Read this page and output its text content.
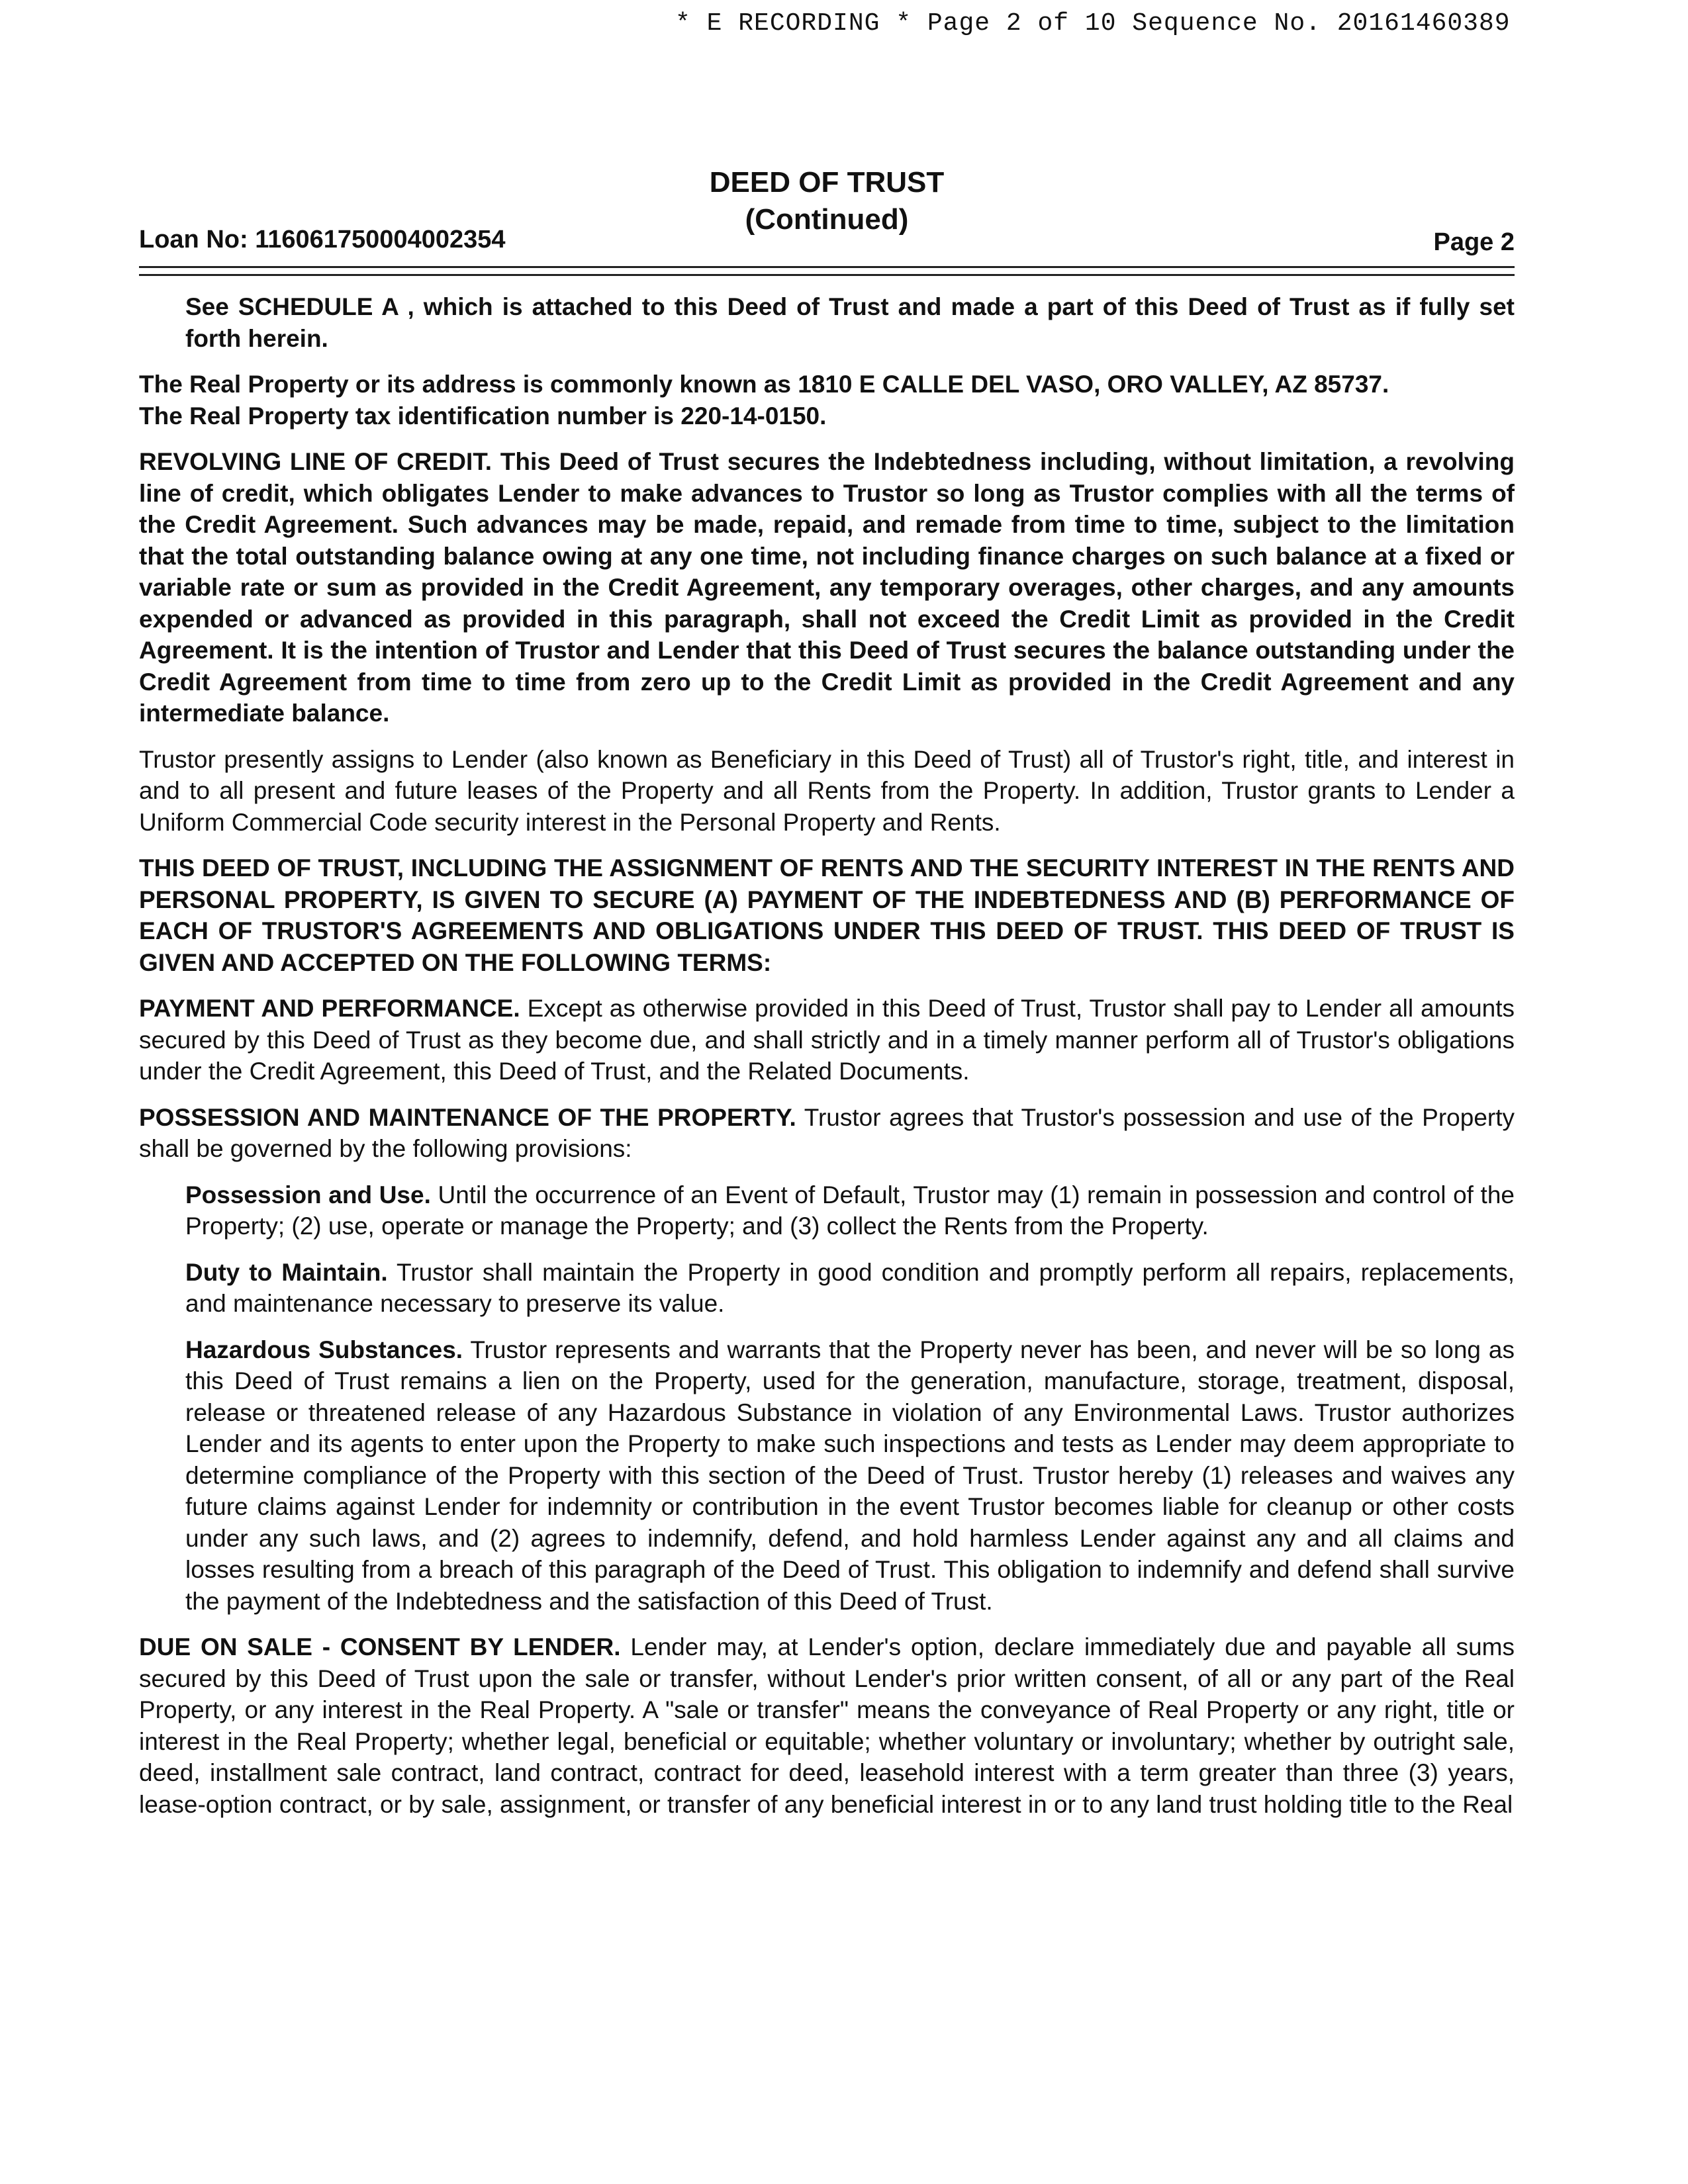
* E RECORDING * Page 2 of 10 Sequence No. 20161460389
Loan No: 116061750004002354
DEED OF TRUST
(Continued)
Page 2

See SCHEDULE A , which is attached to this Deed of Trust and made a part of this Deed of Trust as if fully set forth herein.

The Real Property or its address is commonly known as 1810 E CALLE DEL VASO, ORO VALLEY, AZ 85737.
The Real Property tax identification number is 220-14-0150.

REVOLVING LINE OF CREDIT. This Deed of Trust secures the Indebtedness including, without limitation, a revolving line of credit, which obligates Lender to make advances to Trustor so long as Trustor complies with all the terms of the Credit Agreement. Such advances may be made, repaid, and remade from time to time, subject to the limitation that the total outstanding balance owing at any one time, not including finance charges on such balance at a fixed or variable rate or sum as provided in the Credit Agreement, any temporary overages, other charges, and any amounts expended or advanced as provided in this paragraph, shall not exceed the Credit Limit as provided in the Credit Agreement. It is the intention of Trustor and Lender that this Deed of Trust secures the balance outstanding under the Credit Agreement from time to time from zero up to the Credit Limit as provided in the Credit Agreement and any intermediate balance.

Trustor presently assigns to Lender (also known as Beneficiary in this Deed of Trust) all of Trustor's right, title, and interest in and to all present and future leases of the Property and all Rents from the Property. In addition, Trustor grants to Lender a Uniform Commercial Code security interest in the Personal Property and Rents.

THIS DEED OF TRUST, INCLUDING THE ASSIGNMENT OF RENTS AND THE SECURITY INTEREST IN THE RENTS AND PERSONAL PROPERTY, IS GIVEN TO SECURE (A) PAYMENT OF THE INDEBTEDNESS AND (B) PERFORMANCE OF EACH OF TRUSTOR'S AGREEMENTS AND OBLIGATIONS UNDER THIS DEED OF TRUST. THIS DEED OF TRUST IS GIVEN AND ACCEPTED ON THE FOLLOWING TERMS:

PAYMENT AND PERFORMANCE. Except as otherwise provided in this Deed of Trust, Trustor shall pay to Lender all amounts secured by this Deed of Trust as they become due, and shall strictly and in a timely manner perform all of Trustor's obligations under the Credit Agreement, this Deed of Trust, and the Related Documents.

POSSESSION AND MAINTENANCE OF THE PROPERTY. Trustor agrees that Trustor's possession and use of the Property shall be governed by the following provisions:

Possession and Use. Until the occurrence of an Event of Default, Trustor may (1) remain in possession and control of the Property; (2) use, operate or manage the Property; and (3) collect the Rents from the Property.

Duty to Maintain. Trustor shall maintain the Property in good condition and promptly perform all repairs, replacements, and maintenance necessary to preserve its value.

Hazardous Substances. Trustor represents and warrants that the Property never has been, and never will be so long as this Deed of Trust remains a lien on the Property, used for the generation, manufacture, storage, treatment, disposal, release or threatened release of any Hazardous Substance in violation of any Environmental Laws. Trustor authorizes Lender and its agents to enter upon the Property to make such inspections and tests as Lender may deem appropriate to determine compliance of the Property with this section of the Deed of Trust. Trustor hereby (1) releases and waives any future claims against Lender for indemnity or contribution in the event Trustor becomes liable for cleanup or other costs under any such laws, and (2) agrees to indemnify, defend, and hold harmless Lender against any and all claims and losses resulting from a breach of this paragraph of the Deed of Trust. This obligation to indemnify and defend shall survive the payment of the Indebtedness and the satisfaction of this Deed of Trust.

DUE ON SALE - CONSENT BY LENDER. Lender may, at Lender's option, declare immediately due and payable all sums secured by this Deed of Trust upon the sale or transfer, without Lender's prior written consent, of all or any part of the Real Property, or any interest in the Real Property. A "sale or transfer" means the conveyance of Real Property or any right, title or interest in the Real Property; whether legal, beneficial or equitable; whether voluntary or involuntary; whether by outright sale, deed, installment sale contract, land contract, contract for deed, leasehold interest with a term greater than three (3) years, lease-option contract, or by sale, assignment, or transfer of any beneficial interest in or to any land trust holding title to the Real
